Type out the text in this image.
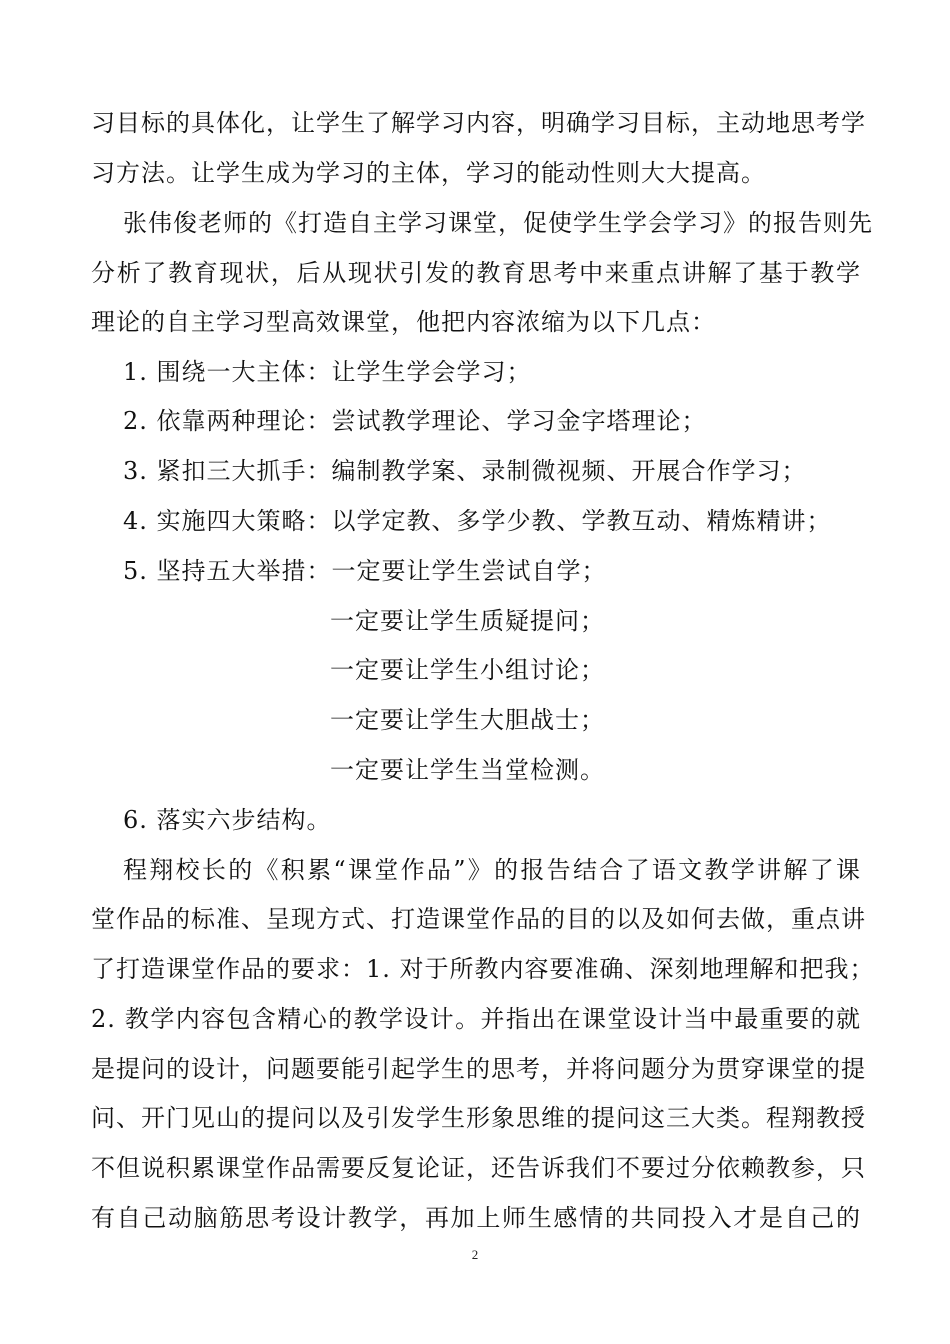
习目标的具体化，让学生了解学习内容，明确学习目标，主动地思考学
习方法。让学生成为学习的主体，学习的能动性则大大提高。
张伟俊老师的《打造自主学习课堂，促使学生学会学习》的报告则先
分析了教育现状，后从现状引发的教育思考中来重点讲解了基于教学
理论的自主学习型高效课堂，他把内容浓缩为以下几点：
1. 围绕一大主体：让学生学会学习；
2. 依靠两种理论：尝试教学理论、学习金字塔理论；
3. 紧扣三大抓手：编制教学案、录制微视频、开展合作学习；
4. 实施四大策略：以学定教、多学少教、学教互动、精炼精讲；
5. 坚持五大举措：一定要让学生尝试自学；
一定要让学生质疑提问；
一定要让学生小组讨论；
一定要让学生大胆战士；
一定要让学生当堂检测。
6. 落实六步结构。
程翔校长的《积累“课堂作品”》的报告结合了语文教学讲解了课
堂作品的标准、呈现方式、打造课堂作品的目的以及如何去做，重点讲
了打造课堂作品的要求：1. 对于所教内容要准确、深刻地理解和把我；
2. 教学内容包含精心的教学设计。并指出在课堂设计当中最重要的就
是提问的设计，问题要能引起学生的思考，并将问题分为贯穿课堂的提
问、开门见山的提问以及引发学生形象思维的提问这三大类。程翔教授
不但说积累课堂作品需要反复论证，还告诉我们不要过分依赖教参，只
有自己动脑筋思考设计教学，再加上师生感情的共同投入才是自己的
2
